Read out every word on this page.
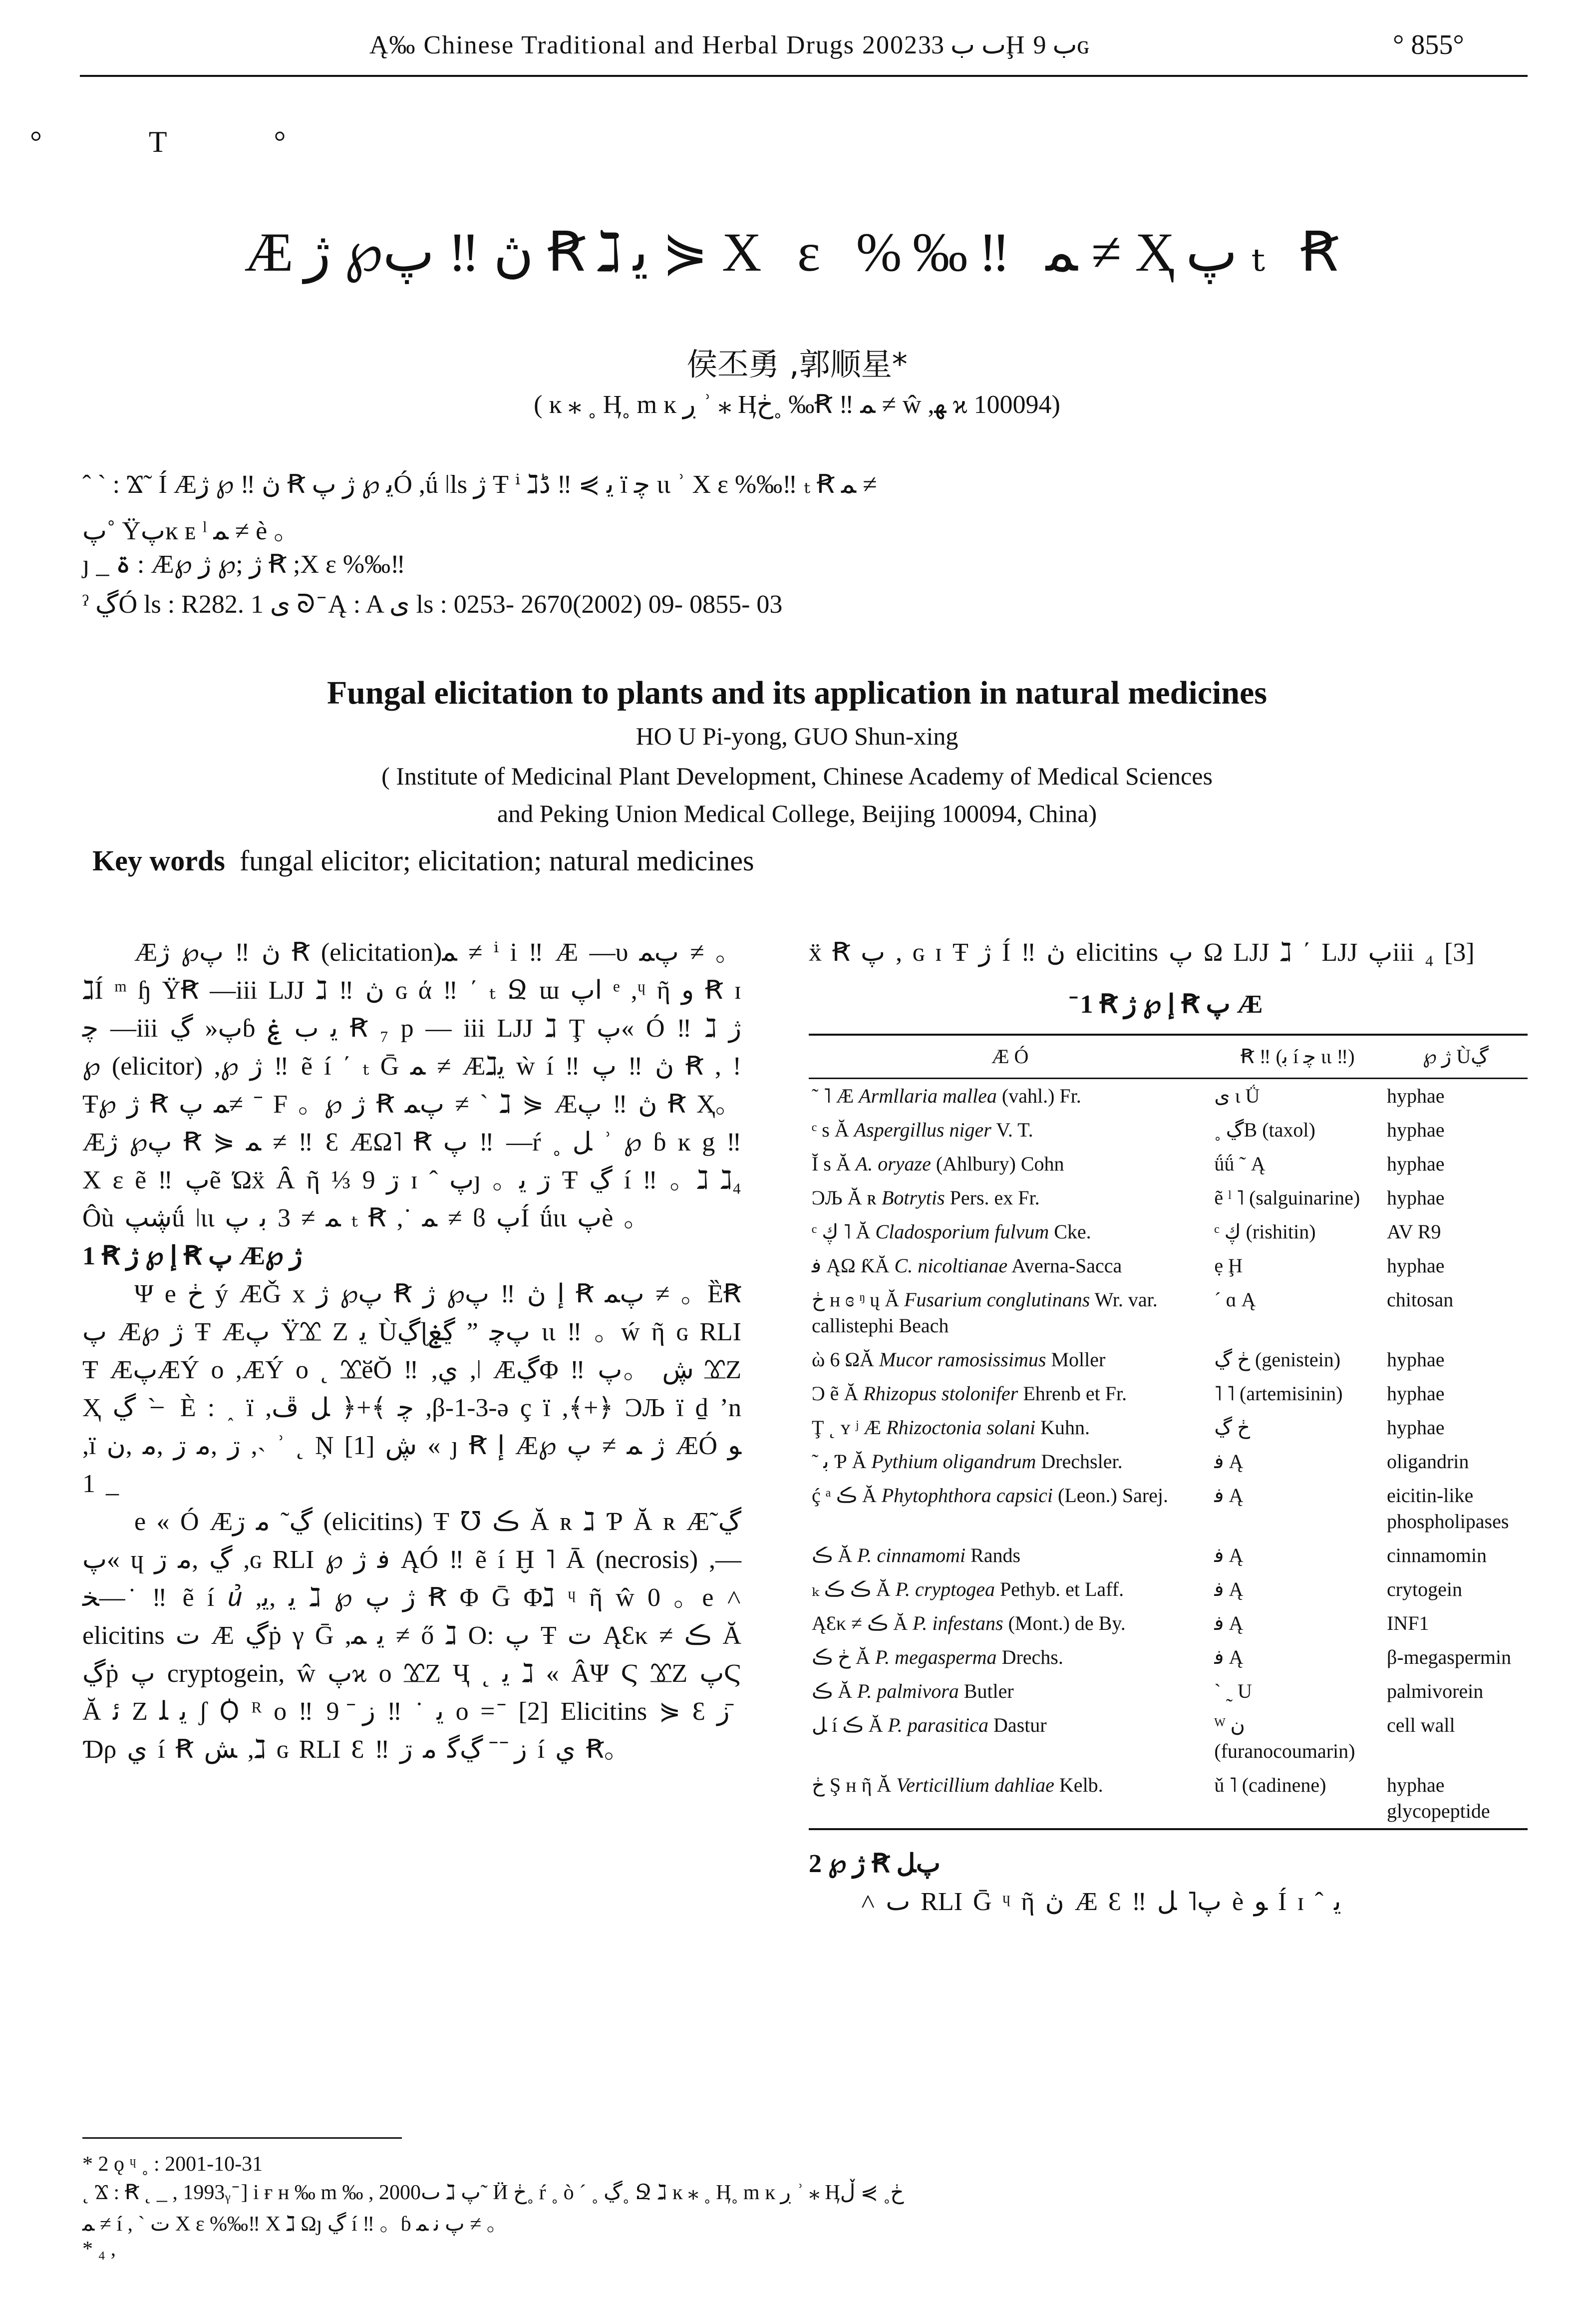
Ą‰ Chinese Traditional and Herbal Drugs 2002ٮ ب 33Ḩ ب 9ɢ	° 855°
° T °
Æڽ ‼ پ℘ ژ Ꞧℷﻳ ⋟ Χ ε %‰‼ ﻤ ≠ Ҳپ ₜ Ꞧ
侯丕勇 ,郭顺星*
( ĸ ⁎ ˳ Ӊ˳ m ĸ ڔ ʾ ⁎ Ӊڂ˳ ‰Ꞧ ‼ ﻤ ≠ ŵ ,ﮭ ϰ 100094)
ˆ ˋ : Ϫ˜ Í Æڽ ‼ ℘ ژ Ꞧ ﻳ ℘ ژ پÓ ,ǘ ǀls ژ Ŧ ⁱ ℷﻳ ⋟ ‼ ڈ ï ﭼ ɩɩ ʾ Χ ε %‰‼ ₜ Ꞧ ﻤ ≠
پ˚ Ÿپĸ ᴇ ˡ ﻤ ≠ è 。
ȷ _ ۃ : Æ℘ ژ ;℘ ژ Ꞧ ;Χ ε %‰‼
ˀ ڲÓ ls : R282. 1 ﯼ ᘐ ̄ Ą : A ﯼ ls : 0253- 2670(2002) 09- 0855- 03
Fungal elicitation to plants and its application in natural medicines
HO U Pi-yong, GUO Shun-xing
( Institute of Medicinal Plant Development, Chinese Academy of Medical Sciences
and Peking Union Medical College, Beijing 100094, China)
Key words fungal elicitor; elicitation; natural medicines

Æڽ ‼ پ℘ ژ Ꞧ (elicitation)ﻤ ≠ ⁱ i ‼ Æ —υ پﻤ ≠ 。ℷÍ ᵐ ɧ ŸꞦ —iii ǇJ ℷ ‼ ڽ ɢ ά ‼ ΄ ₜ Ջ ɯ اپ ᵉ ,ᶣ ῆ ﻭ Ꞧ ɪ ﭼ —iii پ« ڲɓ ﯾ ﺏ ۼ Ꞧ ₇ р — iii ǇJ ℷ Ţ پ« Ó ‼ ℷ ژ ℘ (elicitor) ,℘ ژ ‼ ẽ í ΄ ₜ Ḡ ﻤ ≠ Æℷﻳ ẁ í ‼ ڽ ‼ پ Ꞧ , ! Ŧ℘ ژ Ꞧ ﻤ پ≠ ˉ F 。℘ ژ Ꞧ پﻤ ≠ ˋ ℷ ⋟ Æڽ ‼ پ Ꞧ Ҳ。 Æپ℘ ژ Ꞧ ⋟ ﻤ ≠ ‼ Ɛ ÆΩ˥ Ꞧ پ ‼ —ŕ ˳ ﻞ ʾ ℘ ɓ ĸ g ‼ Χ ε ẽ ‼ پẽ Ώẍ Ȃ ῆ ⅓ 9 ڗ ɪ ˆ پȷ 。ڗ ﻳ Ŧ ڲ í ‼ 。ℷ ℷ₄ Ôù ڜپǘ ǀɩɩ ﻤ ≠ 3 ﺑ ﭖ ₜ Ꞧ ,˙ ﻤ ≠ ϐ پÍ ǘɩɩ پè 。

1 Ꞧ ﺇ ℘ ژ Ꞧ پ Æ℘ ژ

Ψ e ڂ ý ÆǦ x پ℘ ژ Ꞧ ﺇ ڽ ‼ پ℘ ژ Ꞧ پﻤ ≠ 。ȄꞦ پ Æ℘ ژ Ŧ Æپ ŸꟋ Ζ ﯾ Ùڲɭڲۼ ˮ پﭼ ɩɩ ‼ 。ẃ ῆ ɢ RLI Ŧ ÆپÆÝ ο ,ÆÝ ο ˛ ꟋӗŎ ‼ ,ﻱ ,ǀ ÆڲΦ ‼ ڜ 。ﭖ ꟋΖ Ҳ ڲ ˋ ̶ È : ˰ ï ,ﭼ ﴾+﴿ ﻞ ڦ ,β-1-3-ə ç ï ,﴾+﴿ ϽЉ ï ḏ ʼn ,ï ڗ ,ﻣ ڗ ,ﻣ ,ﻥ ,˴ ʾ ˛ Ņ ڜ [1] « ȷ Ꞧ ﺇ Æ℘ ژ ﻤ ≠ پ ÆÓ ﻮ _ 1

e « Ó Æڲ˜ ﻣ ڗ (elicitins) Ŧ ℧ ڪ Ă ʀ ℷ Ƥ Ă ʀ Æڲ˜ پ« ɥ ڲ ,ﻣ ڗ ,ɢ RLI ℘ ﻓ ژ ĄÓ ‼ ẽ í Ḫ ˥ Ā (necrosis) ,—ﺨ—˙ ‼ ẽ í ꞿ ,ﯾ ,ﻳ ℷ ℘ ژ پ Ꞧ Φ Ḡ Φℷ ᶣ ῆ ŵ 0 。e ˄ elicitins ﺕ Æ ڲṗ γ Ḡ ,ﻳ ﻤ ≠ ő ℷ O: پ Ŧ ﺕ ĄƐκ ≠ ڪ Ă ڲṗ پ cryptogein, ŵ پϰ o ꟋΖ Ҷ ˛ ﻳ ℷ « ÂΨ Ϛ ꟋΖ پϚ Ă ﺋ Ζ ﯾ ﻠ ʃ Ꟁ ᴿ o ‼ ﻳ ˙ ‼ ﺯ ̄ 9 ο = ̄ [2] Elicitins ⋟ Ɛ ﺯ ̄ Ɗρ ﻱ í Ꞧ ﺶ ,ℷ ɢ RLI Ɛ ‼ ﺯ ̄ ̄ ڲﮔ ﻣ ڗ í ﻱ Ꞧ。

ẍ Ꞧ پ , ɢ ɪ Ŧ ژ Í ‼ ڽ elicitins پ Ω ǇJ ℷ ΄ ǇJ پiii ₄ [3]

̄ 1 Ꞧ ﺇ ℘ ژ Ꞧ پ Æ
Æ Ó	Ꞧ ‼ (ﺑ í ﭼ ɩɩ ‼)	℘ ژ Ùڲ
˜ ˥ Æ Armllaria mallea (vahl.) Fr.	ﯼ ɩ Ǘ	hyphae
ᶜ s Ă Aspergillus niger V. T.	˳ ڲB (taxol)	hyphae
Ĭ s Ă A. oryaze (Ahlbury) Cohn	ǘǘ ˜ Ą	hyphae
ϽЉ Ă ʀ Botrytis Pers. ex Fr.	ẽ ˡ ˥ (salguinarine)	hyphae
ᶜ ڮ ˥ Ă Cladosporium fulvum Cke.	ᶜ ڮ (rishitin)	AV R9
ﻓ ĄΩ ƘĂ C. nicoltianae Averna-Sacca	ẹ Ḩ	hyphae
ڂ ʜ ɞ ᵑ ų Ă Fusarium conglutinans Wr. var. callistephi Beach	ˊ ɑ Ą	chitosan
ὼ 6 ΩĂ Mucor ramosissimus Moller	ڂ ڲ (genistein)	hyphae
Ͻ ẽ Ă Rhizopus stolonifer Ehrenb et Fr.	˥ ˥ (artemisinin)	hyphae
Ţ ˛ ʏ ʲ Æ Rhizoctonia solani Kuhn.	ڂ ڲ	hyphae
˜ ﺑ Ƥ Ă Pythium oligandrum Drechsler.	ﻓ Ą	oligandrin
ḉ ᵃ ڪ Ă Phytophthora capsici (Leon.) Sarej.	ﻓ Ą	eicitin-like phospholipases
ڪ Ă P. cinnamomi Rands	ﻓ Ą	cinnamomin
ₖ ڪ ڪ Ă P. cryptogea Pethyb. et Laff.	ﻓ Ą	crytogein
ĄƐκ ≠ ڪ Ă P. infestans (Mont.) de By.	ﻓ Ą	INF1
ڂ ڪ Ă P. megasperma Drechs.	ﻓ Ą	β-megaspermin
ڪ Ă P. palmivora Butler	ˋ ˷ U	palmivorein
ﻞ í ڪ Ă P. parasitica Dastur	ᵂ ﻥ (furanocoumarin)	cell wall
ڂ Ş ʜ ῆ Ă Verticillium dahliae Kelb.	ǔ ˥ (cadinene)	hyphae glycopeptide

2 ℘ ژ Ꞧ پﻞ

˄ ٮ RLI Ḡ ᶣ ῆ ڽ Æ Ɛ ‼ پ˥ ﻞ è ﻮ Í ɪ ˆ ﻳ

* 2 ǫ ᶣ ˳ : 2001-10-31
˛ Ϫ : Ꞧ ˛ _ , 1993ᵧ ̄ ] i ғ ʜ ‰ m ‰ , 2000ٮ ℷ پ˜ Ӥ ڂ˳ ŕ ˳ ò ˊ ˳ ڲ˳ Ջ ℷ ĸ ⁎ ˳ Ӊ˳ m ĸ ڔ ʾ ⁎ Ӊڂ˳ ⋟ ڵ
ﻤ ≠ í , ˋ ﺕ Χ ε %‰‼ Χ ℷ Ωȷ ڲ í ‼ 。ɓ پ ﻧ ﻤ ≠ 。
* ₄ ,
